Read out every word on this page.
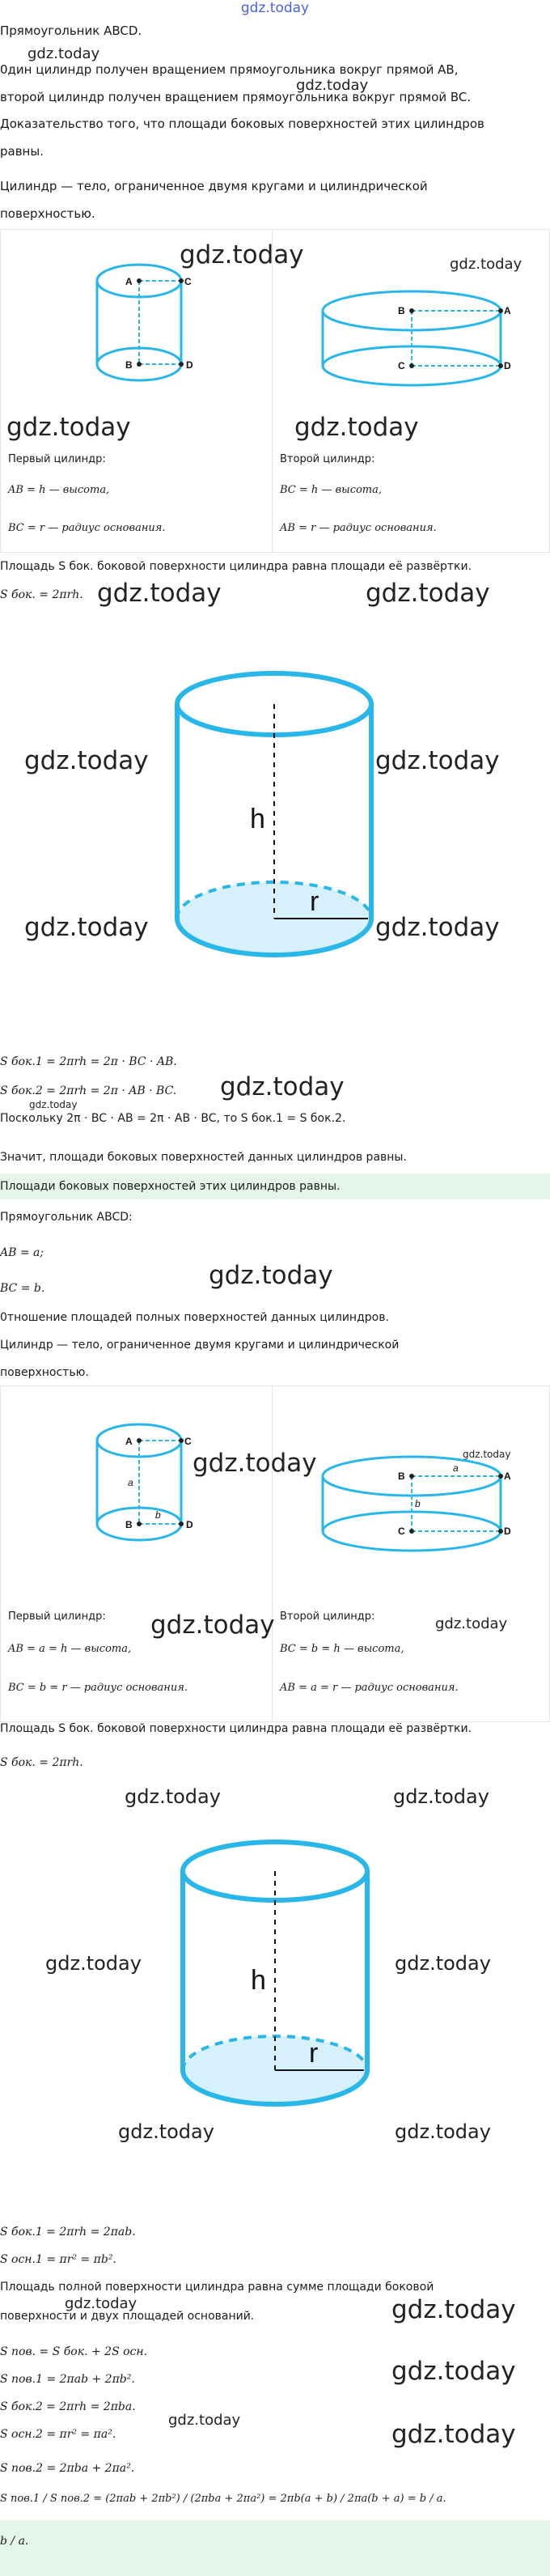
gdz.today
Прямоугольник ABCD.
gdz.today
0дин цилиндр получен вращением прямоугольника вокруг прямой AB,
gdz.today
второй цилиндр получен вращением прямоугольника вокруг прямой BC.
Доказательство того, что площади боковых поверхностей этих цилиндров
равны.
Цилиндр — тело, ограниченное двумя кругами и цилиндрической
поверхностью.
A	C
B	D
gdz.today	gdz.today
B	A
C	D
gdz.today	gdz.today
Первый цилиндр:
AB = h — высота,
BC = r — радиус основания.
Второй цилиндр:
BC = h — высота,
AB = r — радиус основания.
Площадь S бок. боковой поверхности цилиндра равна площади её развёртки.
S бок. = 2πrh. gdz.today	gdz.today
h
r
gdz.today	gdz.today
gdz.today	gdz.today
S бок.1 = 2πrh = 2π · BC · AB.
S бок.2 = 2πrh = 2π · AB · BC.
gdz.today
gdz.today
Поскольку 2π · BC · AB = 2π · AB · BC, то S бок.1 = S бок.2.
Значит, площади боковых поверхностей данных цилиндров равны.
Площади боковых поверхностей этих цилиндров равны.
Прямоугольник ABCD:
AB = a;
BC = b.	gdz.today
0тношение площадей полных поверхностей данных цилиндров.
Цилиндр — тело, ограниченное двумя кругами и цилиндрической
поверхностью.
A	C
B	D
a
b
gdz.today	gdz.today
B	A
C	D
a
b
gdz.today	gdz.today
Первый цилиндр:
AB = a = h — высота,
BC = b = r — радиус основания.
Второй цилиндр:
BC = b = h — высота,
AB = a = r — радиус основания.
Площадь S бок. боковой поверхности цилиндра равна площади её развёртки.
S бок. = 2πrh.
gdz.today	gdz.today
h
r
gdz.today	gdz.today
gdz.today	gdz.today
S бок.1 = 2πrh = 2πab.
S осн.1 = πr² = πb².
Площадь полной поверхности цилиндра равна сумме площади боковой
gdz.today	gdz.today
поверхности и двух площадей оснований.
S пов. = S бок. + 2S осн.
S пов.1 = 2πab + 2πb².	gdz.today
S бок.2 = 2πrh = 2πba.
gdz.today
S осн.2 = πr² = πa².	gdz.today
S пов.2 = 2πba + 2πa².
S пов.1 / S пов.2 = (2πab + 2πb²) / (2πba + 2πa²) = 2πb(a + b) / 2πa(b + a) = b / a.
b / a.
